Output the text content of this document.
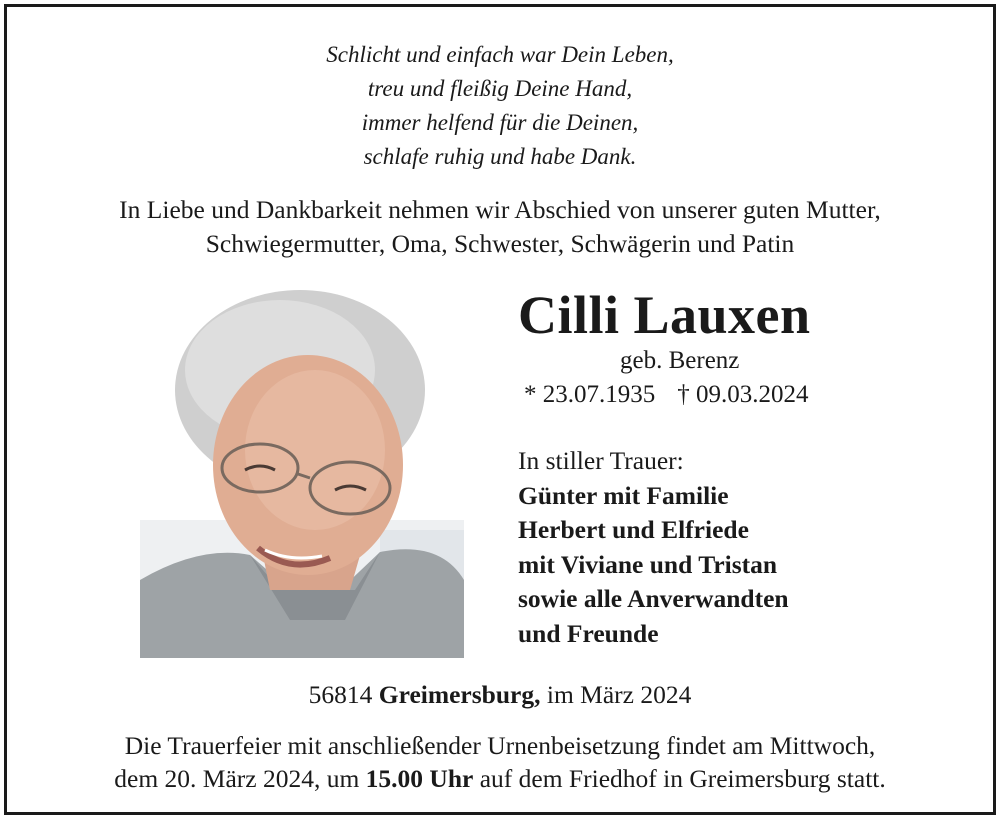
Schlicht und einfach war Dein Leben,
treu und fleißig Deine Hand,
immer helfend für die Deinen,
schlafe ruhig und habe Dank.
In Liebe und Dankbarkeit nehmen wir Abschied von unserer guten Mutter,
Schwiegermutter, Oma, Schwester, Schwägerin und Patin
Cilli Lauxen
geb. Berenz
* 23.07.1935 † 09.03.2024
In stiller Trauer:
Günter mit Familie
Herbert und Elfriede
mit Viviane und Tristan
sowie alle Anverwandten
und Freunde
56814 Greimersburg, im März 2024
Die Trauerfeier mit anschließender Urnenbeisetzung findet am Mittwoch,
dem 20. März 2024, um 15.00 Uhr auf dem Friedhof in Greimersburg statt.
